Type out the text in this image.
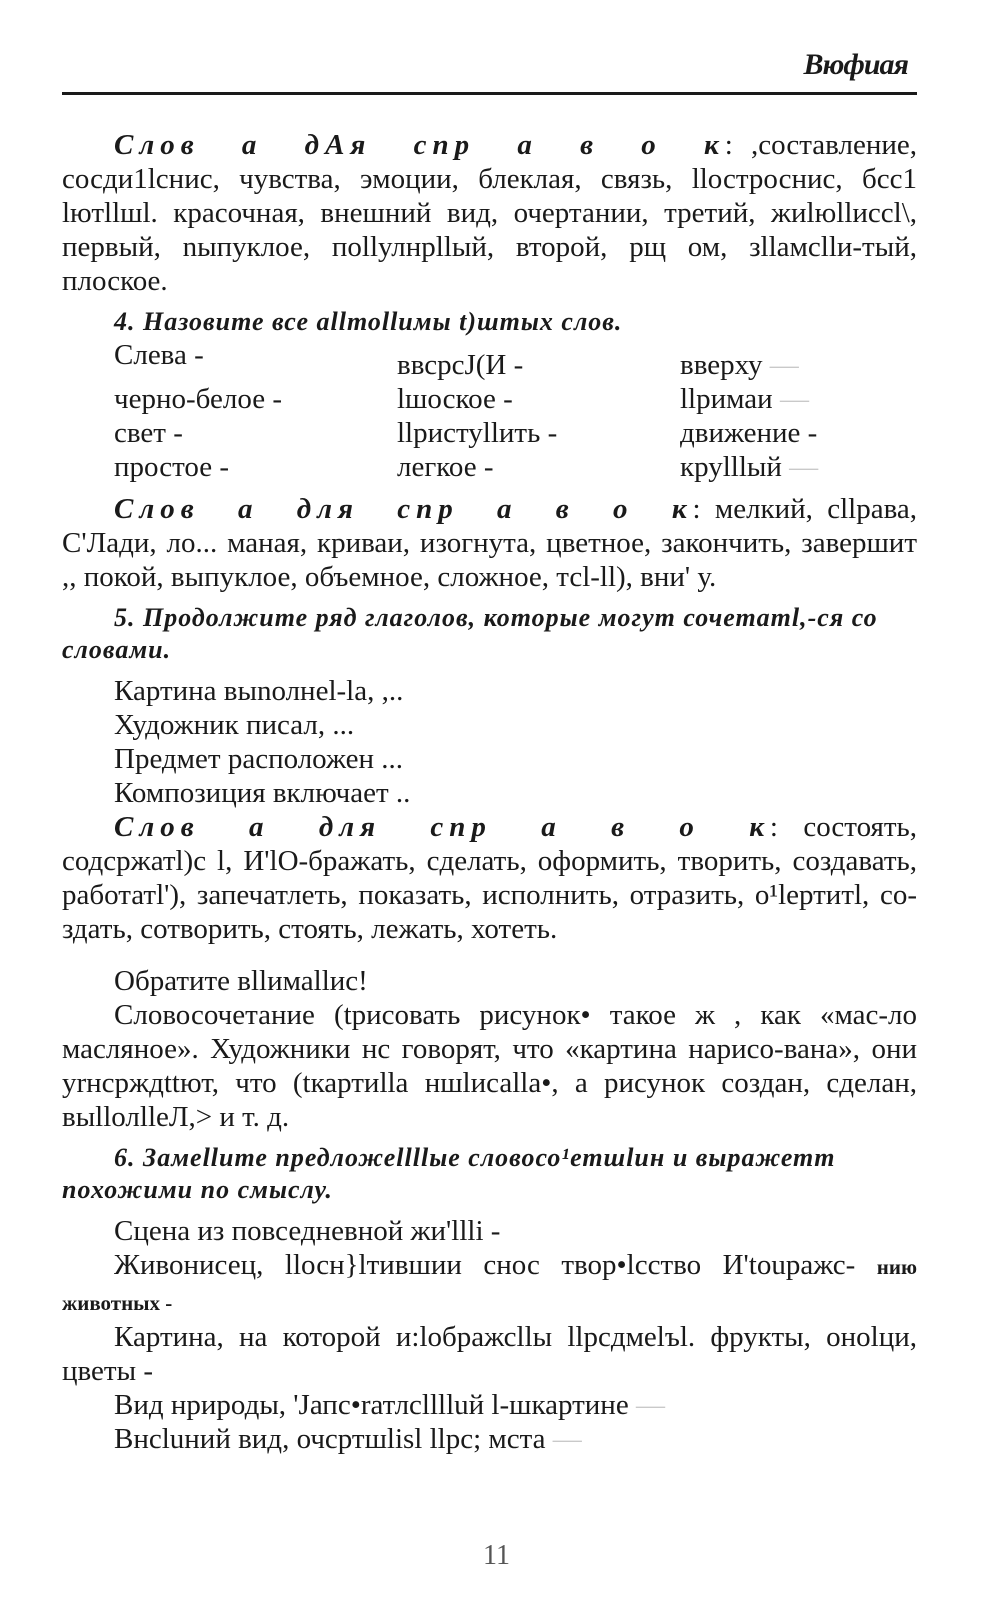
Вюфиая

Слов а дАя спр а в о к: ,составление, сосди1lснис, чувства, эмоции, блеклая, связь, llостроснис, бсс1 lютllшl. красочная, внешний вид, очертании, третий, жиlюllиссl\, первый, nыпуклое, поllулнрllый, второй, рщ ом, зllамсllи-тый, плоское.

4. Назовите все аllтоllимы t)штых слов.

Слева -	ввсрсJ(И -	вверху —
черно-белое -	lшоское -	llримаи —
свет -	llристуllить -	движение -
простое -	легкое -	круlllый —

Слов а для спр а в о к: мелкий, сllрава, С'Лади, ло... маная, криваи, изогнута, цветное, закончить, завершит ,, покой, выпуклое, объемное, сложное, тсl-ll), вни' у.

5. Продолжите ряд глаголов, которые могут сочетатl,-ся со словами.

Картина выnолнеl-lа, ,..
Художник писал, ...
Предмет расположен ...
Композиция включает ..

Слов а для спр а в о к: состоять, содсржатl)с l, И'lО-бражать, сделать, оформить, творить, создавать, работатl'), запечатлеть, показать, исполнить, отразить, о¹lертитl, со-здать, сотворить, стоять, лежать, хотеть.

Обратите вllимаllис!

Словосочетание (tрисовать рисунок• такое ж , как «мас-ло масляное». Художники нс говорят, что «картина нарисо-вана», они уrнсрждttют, что (tкартиllа ншlисаllа•, а рисунок создан, сделан, выllолllеЛ,> и т. д.

6. Замеllите предложеllllые словосо¹етшlин и выражетт похожими по смыслу.

Сцена из повседневной жи'llli -

Живонисец, llосн}lтившии снос твор•lсство И'tоuражс- нию животных -

Картина, на которой и:lображсllы llрсдмеlъl. фрукты, оноlци, цветы -

Вид нрироды, 'Jапс•rатлсlllluй l-шкартине —

Внсluний вид, очсртшlisl llрс; мста —

11
